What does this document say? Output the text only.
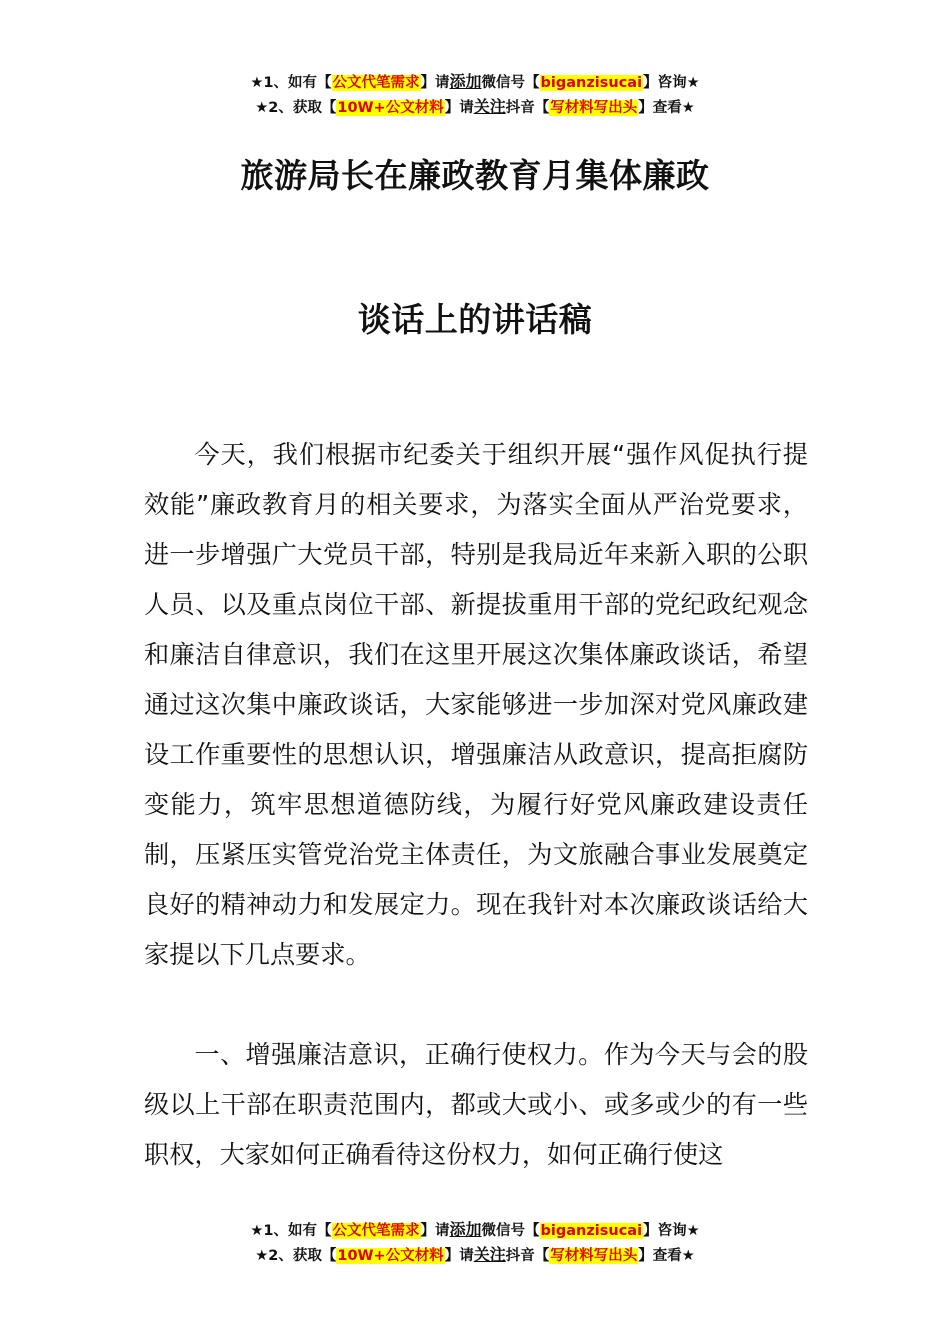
★1、如有【公文代笔需求】请添加微信号【biganzisucai】咨询★
★2、获取【10W+公文材料】请关注抖音【写材料写出头】查看★
旅游局长在廉政教育月集体廉政
谈话上的讲话稿

今天，我们根据市纪委关于组织开展“强作风促执行提效能”廉政教育月的相关要求，为落实全面从严治党要求，进一步增强广大党员干部，特别是我局近年来新入职的公职人员、以及重点岗位干部、新提拔重用干部的党纪政纪观念和廉洁自律意识，我们在这里开展这次集体廉政谈话，希望通过这次集中廉政谈话，大家能够进一步加深对党风廉政建设工作重要性的思想认识，增强廉洁从政意识，提高拒腐防变能力，筑牢思想道德防线，为履行好党风廉政建设责任制，压紧压实管党治党主体责任，为文旅融合事业发展奠定良好的精神动力和发展定力。现在我针对本次廉政谈话给大家提以下几点要求。

一、增强廉洁意识，正确行使权力。作为今天与会的股级以上干部在职责范围内，都或大或小、或多或少的有一些职权，大家如何正确看待这份权力，如何正确行使这

★1、如有【公文代笔需求】请添加微信号【biganzisucai】咨询★
★2、获取【10W+公文材料】请关注抖音【写材料写出头】查看★
